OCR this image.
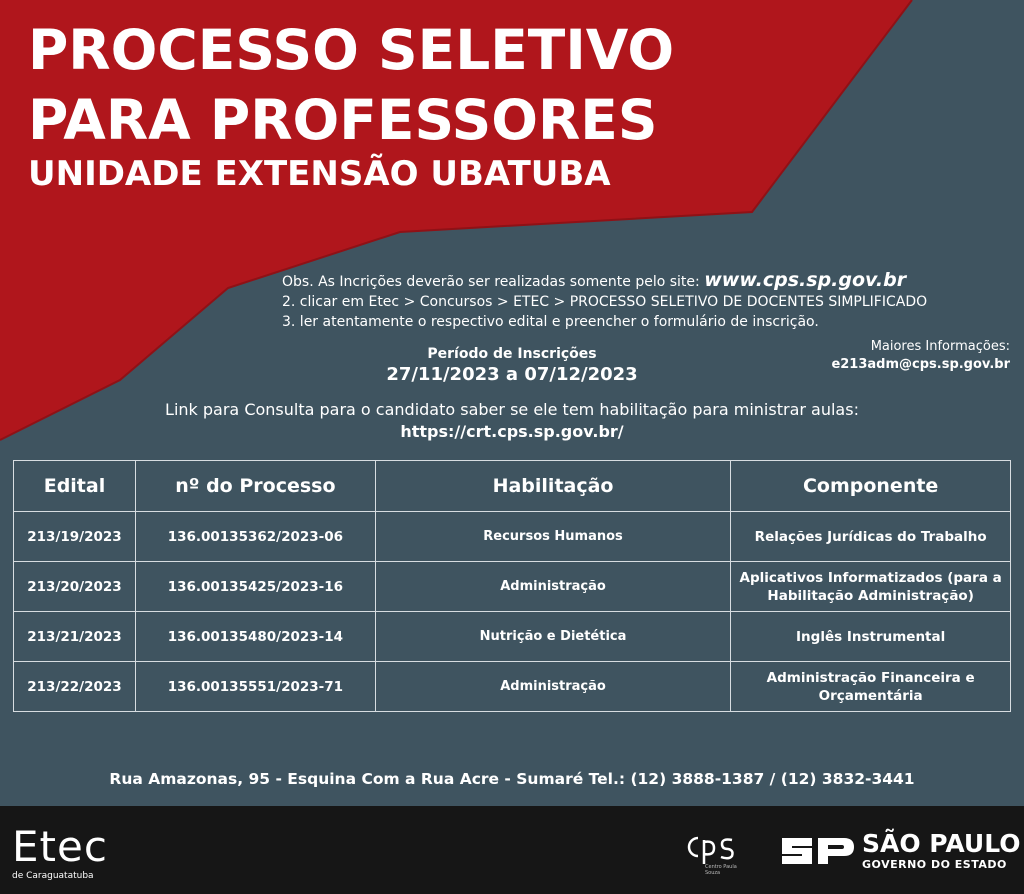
PROCESSO SELETIVO
PARA PROFESSORES
UNIDADE EXTENSÃO UBATUBA
Obs. As Incrições deverão ser realizadas somente pelo site: www.cps.sp.gov.br
2. clicar em Etec > Concursos > ETEC > PROCESSO SELETIVO DE DOCENTES SIMPLIFICADO
3. ler atentamente o respectivo edital e preencher o formulário de inscrição.
Período de Inscrições
27/11/2023 a 07/12/2023
Maiores Informações:
e213adm@cps.sp.gov.br
Link para Consulta para o candidato saber se ele tem habilitação para ministrar aulas:
https://crt.cps.sp.gov.br/
Edital	nº do Processo	Habilitação	Componente
213/19/2023	136.00135362/2023-06	Recursos Humanos	Relações Jurídicas do Trabalho
213/20/2023	136.00135425/2023-16	Administração	Aplicativos Informatizados (para a Habilitação Administração)
213/21/2023	136.00135480/2023-14	Nutrição e Dietética	Inglês Instrumental
213/22/2023	136.00135551/2023-71	Administração	Administração Financeira e Orçamentária
Rua Amazonas, 95 - Esquina Com a Rua Acre - Sumaré Tel.: (12) 3888-1387 / (12) 3832-3441
Etec
de Caraguatatuba
Centro Paula Souza
SÃO PAULO
GOVERNO DO ESTADO
